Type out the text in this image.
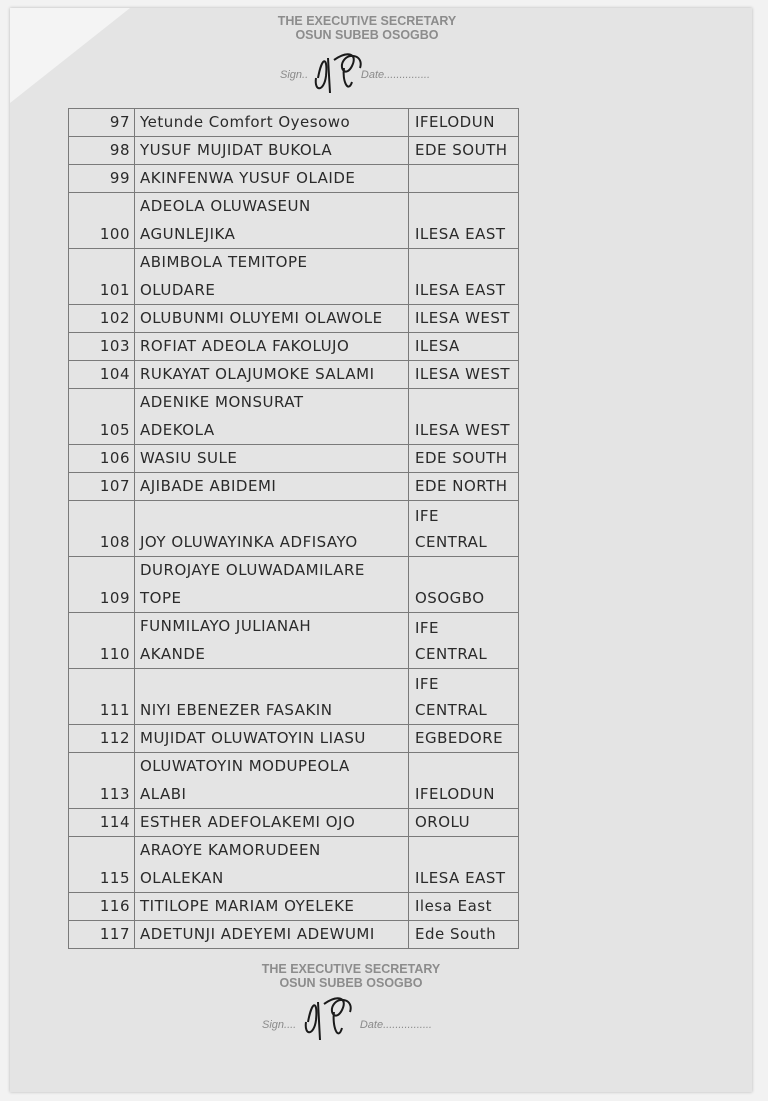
THE EXECUTIVE SECRETARY
OSUN SUBEB OSOGBO
Sign..	Date...............
97	Yetunde Comfort Oyesowo	IFELODUN
98	YUSUF MUJIDAT BUKOLA	EDE SOUTH
99	AKINFENWA YUSUF OLAIDE	
100	ADEOLA OLUWASEUN
AGUNLEJIKA	ILESA EAST
101	ABIMBOLA TEMITOPE
OLUDARE	ILESA EAST
102	OLUBUNMI OLUYEMI OLAWOLE	ILESA WEST
103	ROFIAT ADEOLA FAKOLUJO	ILESA
104	RUKAYAT OLAJUMOKE SALAMI	ILESA WEST
105	ADENIKE MONSURAT
ADEKOLA	ILESA WEST
106	WASIU SULE	EDE SOUTH
107	AJIBADE ABIDEMI	EDE NORTH
108	JOY OLUWAYINKA ADFISAYO	IFE
CENTRAL
109	DUROJAYE OLUWADAMILARE
TOPE	OSOGBO
110	FUNMILAYO JULIANAH
AKANDE	IFE
CENTRAL
111	NIYI EBENEZER FASAKIN	IFE
CENTRAL
112	MUJIDAT OLUWATOYIN LIASU	EGBEDORE
113	OLUWATOYIN MODUPEOLA
ALABI	IFELODUN
114	ESTHER ADEFOLAKEMI OJO	OROLU
115	ARAOYE KAMORUDEEN
OLALEKAN	ILESA EAST
116	TITILOPE MARIAM OYELEKE	Ilesa East
117	ADETUNJI ADEYEMI ADEWUMI	Ede South
THE EXECUTIVE SECRETARY
OSUN SUBEB OSOGBO
Sign....	Date................
